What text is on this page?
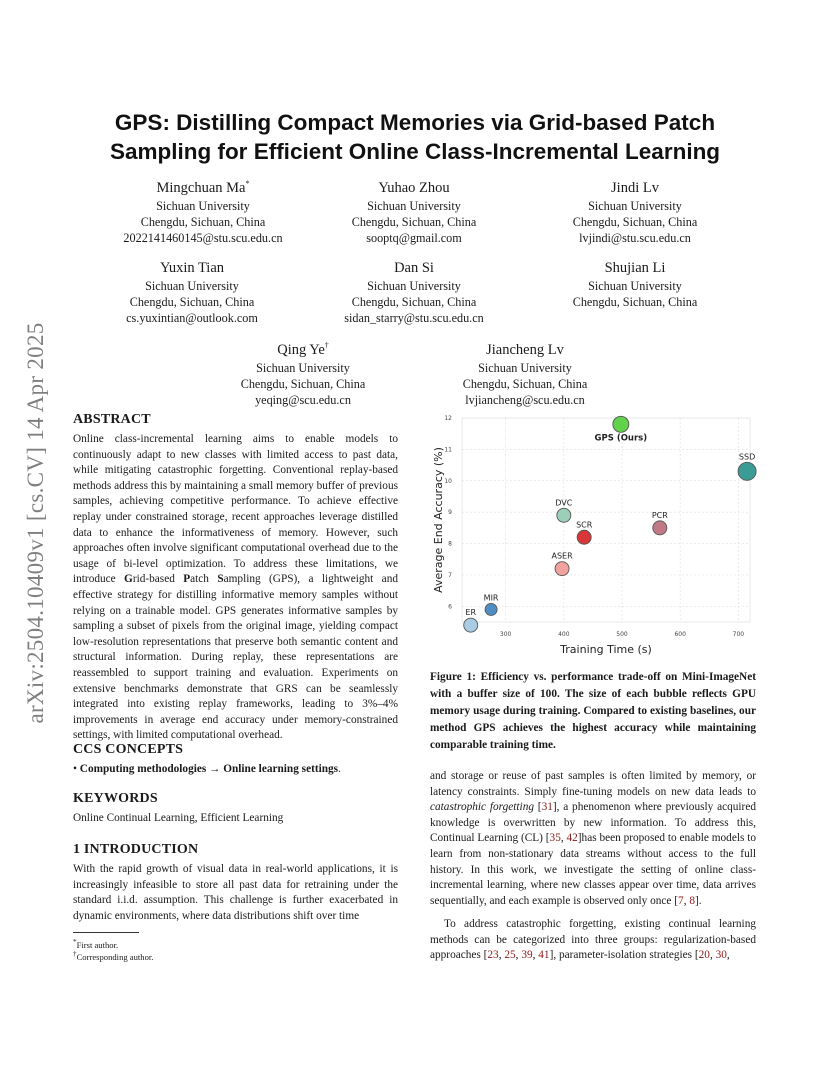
arXiv:2504.10409v1 [cs.CV] 14 Apr 2025
GPS: Distilling Compact Memories via Grid-based Patch
Sampling for Efficient Online Class-Incremental Learning
Mingchuan Ma*
Sichuan University
Chengdu, Sichuan, China
2022141460145@stu.scu.edu.cn
Yuhao Zhou
Sichuan University
Chengdu, Sichuan, China
sooptq@gmail.com
Jindi Lv
Sichuan University
Chengdu, Sichuan, China
lvjindi@stu.scu.edu.cn
Yuxin Tian
Sichuan University
Chengdu, Sichuan, China
cs.yuxintian@outlook.com
Dan Si
Sichuan University
Chengdu, Sichuan, China
sidan_starry@stu.scu.edu.cn
Shujian Li
Sichuan University
Chengdu, Sichuan, China
Qing Ye†
Sichuan University
Chengdu, Sichuan, China
yeqing@scu.edu.cn
Jiancheng Lv
Sichuan University
Chengdu, Sichuan, China
lvjiancheng@scu.edu.cn
ABSTRACT
Online class-incremental learning aims to enable models to continuously adapt to new classes with limited access to past data, while mitigating catastrophic forgetting. Conventional replay-based methods address this by maintaining a small memory buffer of previous samples, achieving competitive performance. To achieve effective replay under constrained storage, recent approaches leverage distilled data to enhance the informativeness of memory. However, such approaches often involve significant computational overhead due to the usage of bi-level optimization. To address these limitations, we introduce Grid-based Patch Sampling (GPS), a lightweight and effective strategy for distilling informative memory samples without relying on a trainable model. GPS generates informative samples by sampling a subset of pixels from the original image, yielding compact low-resolution representations that preserve both semantic content and structural information. During replay, these representations are reassembled to support training and evaluation. Experiments on extensive benchmarks demonstrate that GRS can be seamlessly integrated into existing replay frameworks, leading to 3%–4% improvements in average end accuracy under memory-constrained settings, with limited computational overhead.
CCS CONCEPTS
• Computing methodologies → Online learning settings.
KEYWORDS
Online Continual Learning, Efficient Learning
1 INTRODUCTION
With the rapid growth of visual data in real-world applications, it is increasingly infeasible to store all past data for retraining under the standard i.i.d. assumption. This challenge is further exacerbated in dynamic environments, where data distributions shift over time
*First author.
†Corresponding author.
6
7
8
9
10
11
12
300	400	500	600	700
ER
MIR
ASER
DVC
SCR
GPS (Ours)
PCR
SSD
Training Time (s)
Average End Accuracy (%)
Figure 1: Efficiency vs. performance trade-off on Mini-ImageNet with a buffer size of 100. The size of each bubble reflects GPU memory usage during training. Compared to existing baselines, our method GPS achieves the highest accuracy while maintaining comparable training time.
and storage or reuse of past samples is often limited by memory, or latency constraints. Simply fine-tuning models on new data leads to catastrophic forgetting [31], a phenomenon where previously acquired knowledge is overwritten by new information. To address this, Continual Learning (CL) [35, 42]has been proposed to enable models to learn from non-stationary data streams without access to the full history. In this work, we investigate the setting of online class-incremental learning, where new classes appear over time, data arrives sequentially, and each example is observed only once [7, 8].
To address catastrophic forgetting, existing continual learning methods can be categorized into three groups: regularization-based approaches [23, 25, 39, 41], parameter-isolation strategies [20, 30,
